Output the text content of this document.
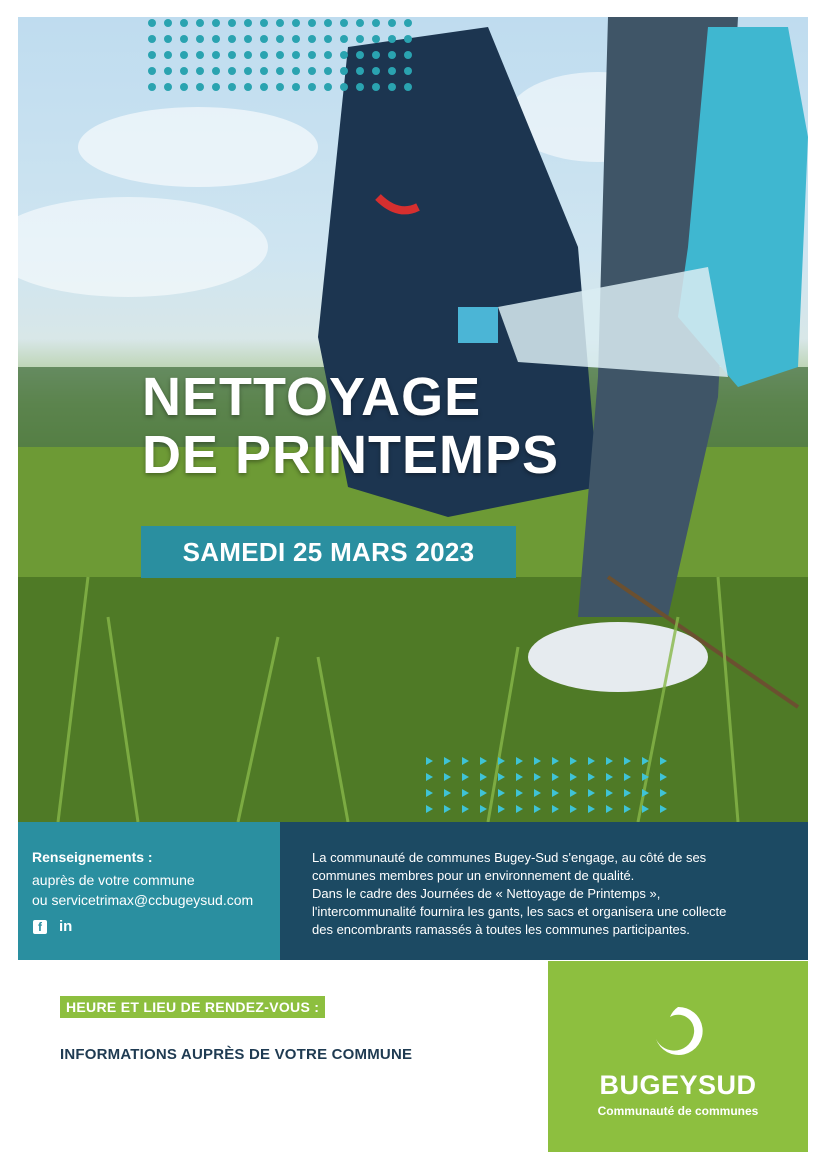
NETTOYAGE
DE PRINTEMPS
SAMEDI 25 MARS 2023
Renseignements :
auprès de votre commune
ou servicetrimax@ccbugeysud.com
f	in

La communauté de communes Bugey-Sud s'engage, au côté de ses
communes membres pour un environnement de qualité.
Dans le cadre des Journées de « Nettoyage de Printemps »,
l'intercommunalité fournira les gants, les sacs et organisera une collecte
des encombrants ramassés à toutes les communes participantes.

HEURE ET LIEU DE RENDEZ-VOUS :
INFORMATIONS AUPRÈS DE VOTRE COMMUNE
BUGEYSUD
Communauté de communes
